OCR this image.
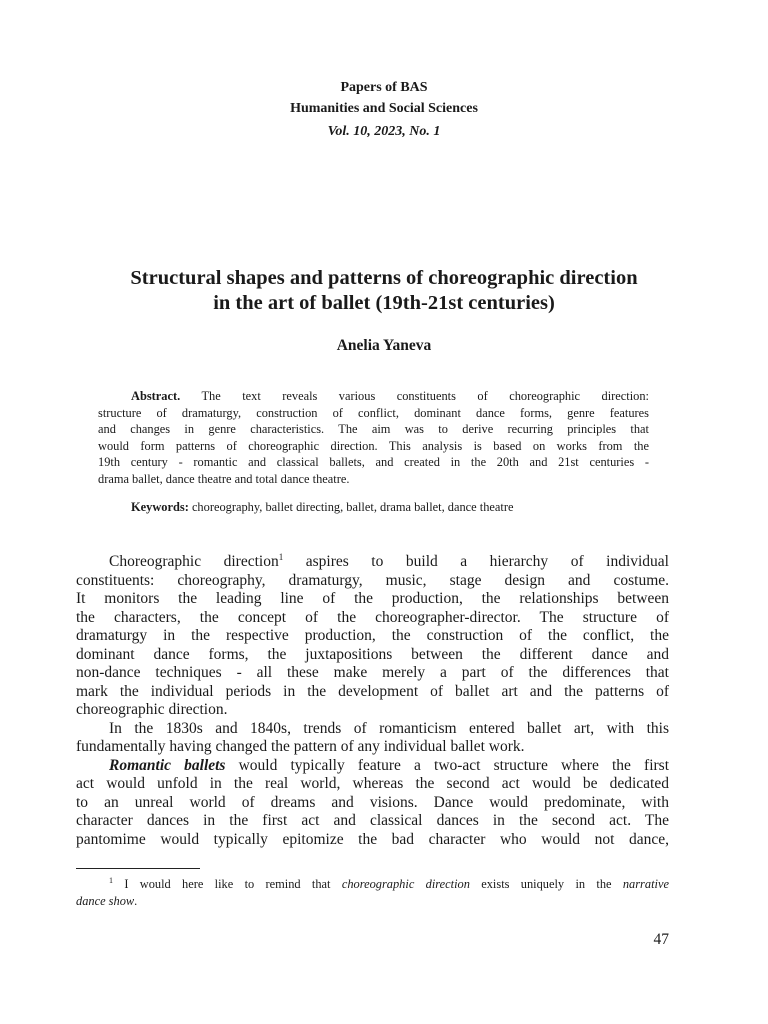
Papers of BAS
Humanities and Social Sciences
Vol. 10, 2023, No. 1
Structural shapes and patterns of choreographic direction
in the art of ballet (19th-21st centuries)
Anelia Yaneva
Abstract. The text reveals various constituents of choreographic direction:
structure of dramaturgy, construction of conflict, dominant dance forms, genre features
and changes in genre characteristics. The aim was to derive recurring principles that
would form patterns of choreographic direction. This analysis is based on works from the
19th century - romantic and classical ballets, and created in the 20th and 21st centuries -
drama ballet, dance theatre and total dance theatre.
Keywords: choreography, ballet directing, ballet, drama ballet, dance theatre
Choreographic direction$^1$ aspires to build a hierarchy of individual
constituents: choreography, dramaturgy, music, stage design and costume.
It monitors the leading line of the production, the relationships between
the characters, the concept of the choreographer-director. The structure of
dramaturgy in the respective production, the construction of the conflict, the
dominant dance forms, the juxtapositions between the different dance and
non-dance techniques - all these make merely a part of the differences that
mark the individual periods in the development of ballet art and the patterns of
choreographic direction.
In the 1830s and 1840s, trends of romanticism entered ballet art, with this
fundamentally having changed the pattern of any individual ballet work.
Romantic ballets would typically feature a two-act structure where the first
act would unfold in the real world, whereas the second act would be dedicated
to an unreal world of dreams and visions. Dance would predominate, with
character dances in the first act and classical dances in the second act. The
pantomime would typically epitomize the bad character who would not dance,
$^1$ I would here like to remind that choreographic direction exists uniquely in the narrative
dance show.
47
